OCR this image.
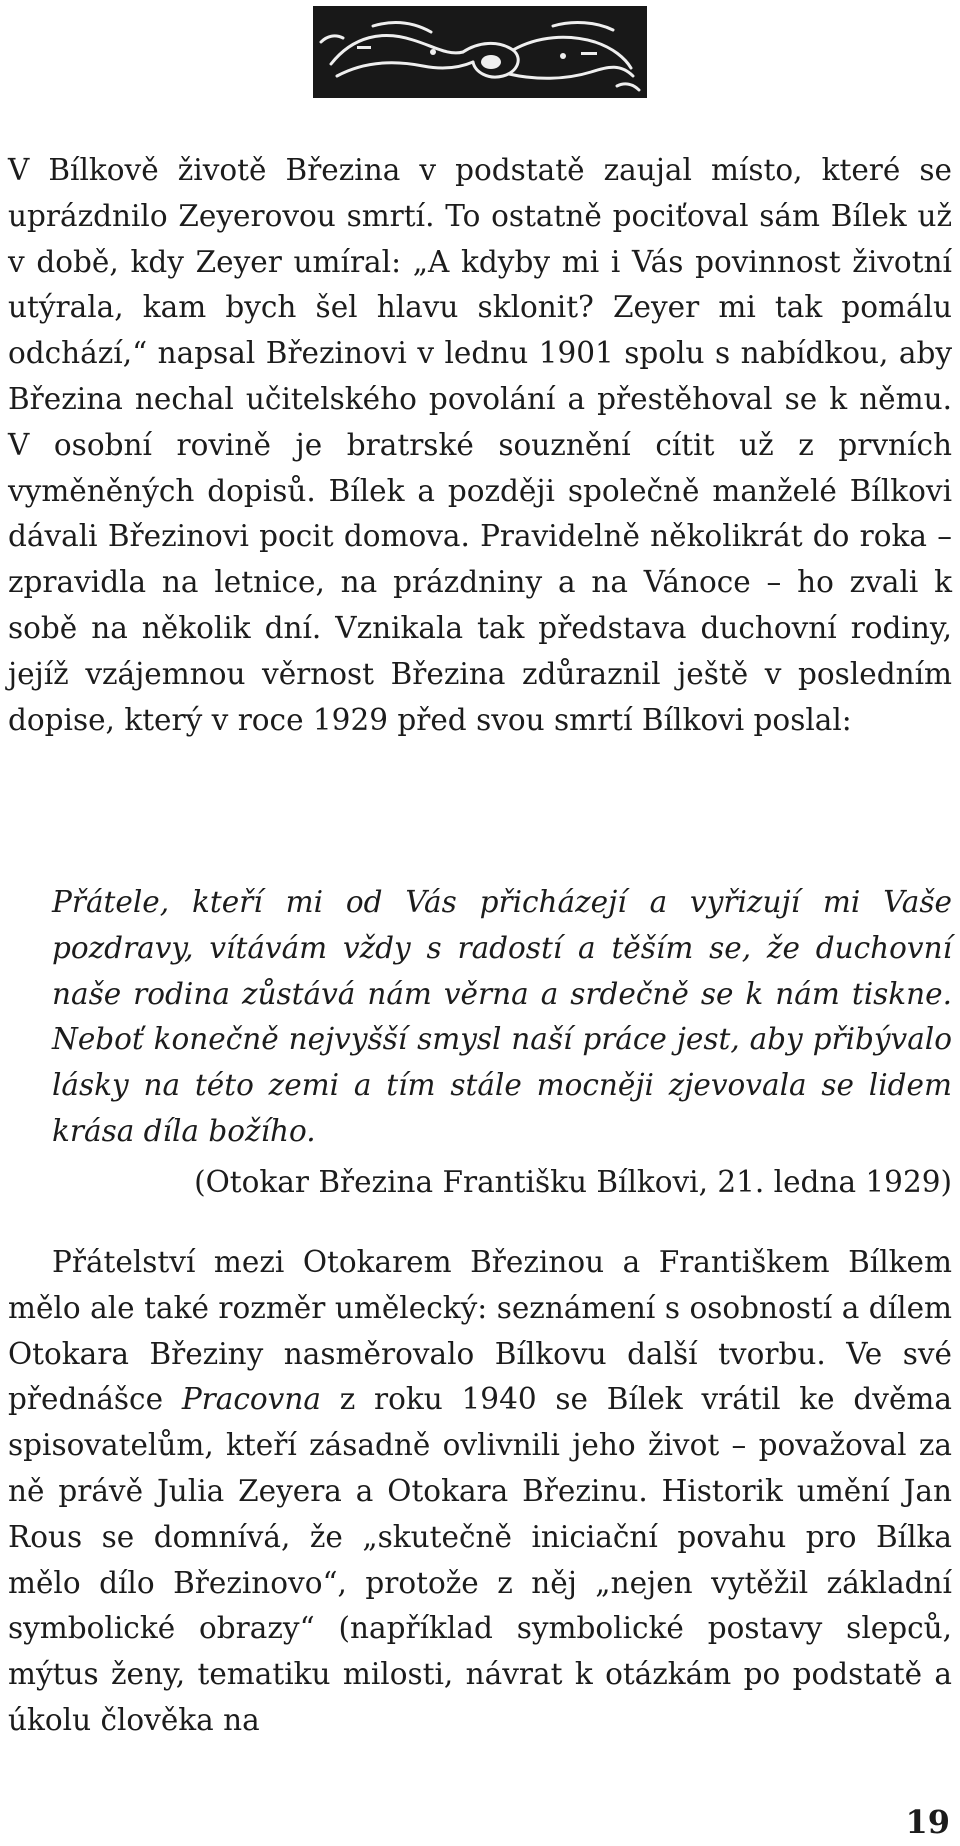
V Bílkově životě Březina v podstatě zaujal místo, které se uprázdnilo Zeyerovou smrtí. To ostatně pociťoval sám Bílek už v době, kdy Zeyer umíral: „A kdyby mi i Vás povinnost životní utýrala, kam bych šel hlavu sklonit? Zeyer mi tak pomálu odchází,“ napsal Březinovi v lednu 1901 spolu s nabídkou, aby Březina nechal učitelského povolání a přestěhoval se k němu. V osobní rovině je bratrské souznění cítit už z prvních vyměněných dopisů. Bílek a později společně manželé Bílkovi dávali Březinovi pocit domova. Pravidelně několikrát do roka – zpravidla na letnice, na prázdniny a na Vánoce – ho zvali k sobě na několik dní. Vznikala tak představa duchovní rodiny, jejíž vzájemnou věrnost Březina zdůraznil ještě v posledním dopise, který v roce 1929 před svou smrtí Bílkovi poslal:
Přátele, kteří mi od Vás přicházejí a vyřizují mi Vaše pozdravy, vítávám vždy s radostí a těším se, že duchovní naše rodina zůstává nám věrna a srdečně se k nám tiskne. Neboť konečně nejvyšší smysl naší práce jest, aby přibývalo lásky na této zemi a tím stále mocněji zjevovala se lidem krása díla božího.
(Otokar Březina Františku Bílkovi, 21. ledna 1929)
Přátelství mezi Otokarem Březinou a Františkem Bílkem mělo ale také rozměr umělecký: seznámení s osobností a dílem Otokara Březiny nasměrovalo Bílkovu další tvorbu. Ve své přednášce Pracovna z roku 1940 se Bílek vrátil ke dvěma spisovatelům, kteří zásadně ovlivnili jeho život – považoval za ně právě Julia Zeyera a Otokara Březinu. Historik umění Jan Rous se domnívá, že „skutečně iniciační povahu pro Bílka mělo dílo Březinovo“, protože z něj „nejen vytěžil základní symbolické obrazy“ (například symbolické postavy slepců, mýtus ženy, tematiku milosti, návrat k otázkám po podstatě a úkolu člověka na
19
